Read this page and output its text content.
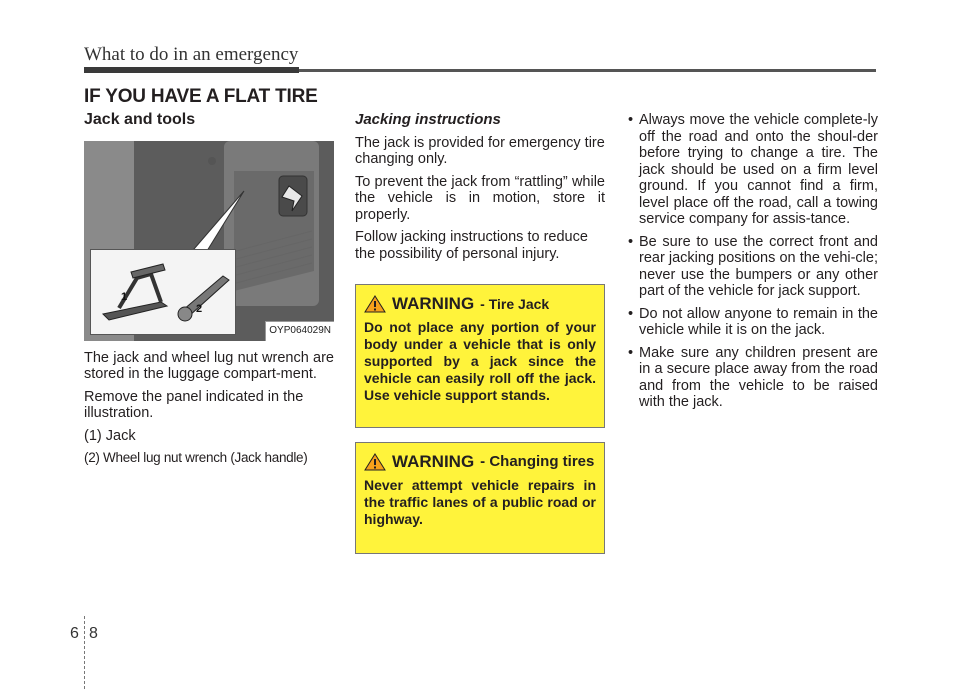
What to do in an emergency
IF YOU HAVE A FLAT TIRE
Jack and tools
1
2
OYP064029N

The jack and wheel lug nut wrench are stored in the luggage compart-ment.

Remove the panel indicated in the illustration.

(1) Jack

(2) Wheel lug nut wrench (Jack handle)

Jacking instructions

The jack is provided for emergency tire changing only.

To prevent the jack from “rattling” while the vehicle is in motion, store it properly.

Follow jacking instructions to reduce the possibility of personal injury.

WARNING - Tire Jack
Do not place any portion of your body under a vehicle that is only supported by a jack since the vehicle can easily roll off the jack. Use vehicle support stands.
WARNING - Changing tires
Never attempt vehicle repairs in the traffic lanes of a public road or highway.
• Always move the vehicle complete-ly off the road and onto the shoul-der before trying to change a tire. The jack should be used on a firm level ground. If you cannot find a firm, level place off the road, call a towing service company for assis-tance.
• Be sure to use the correct front and rear jacking positions on the vehi-cle; never use the bumpers or any other part of the vehicle for jack support.
• Do not allow anyone to remain in the vehicle while it is on the jack.
• Make sure any children present are in a secure place away from the road and from the vehicle to be raised with the jack.
6 8
